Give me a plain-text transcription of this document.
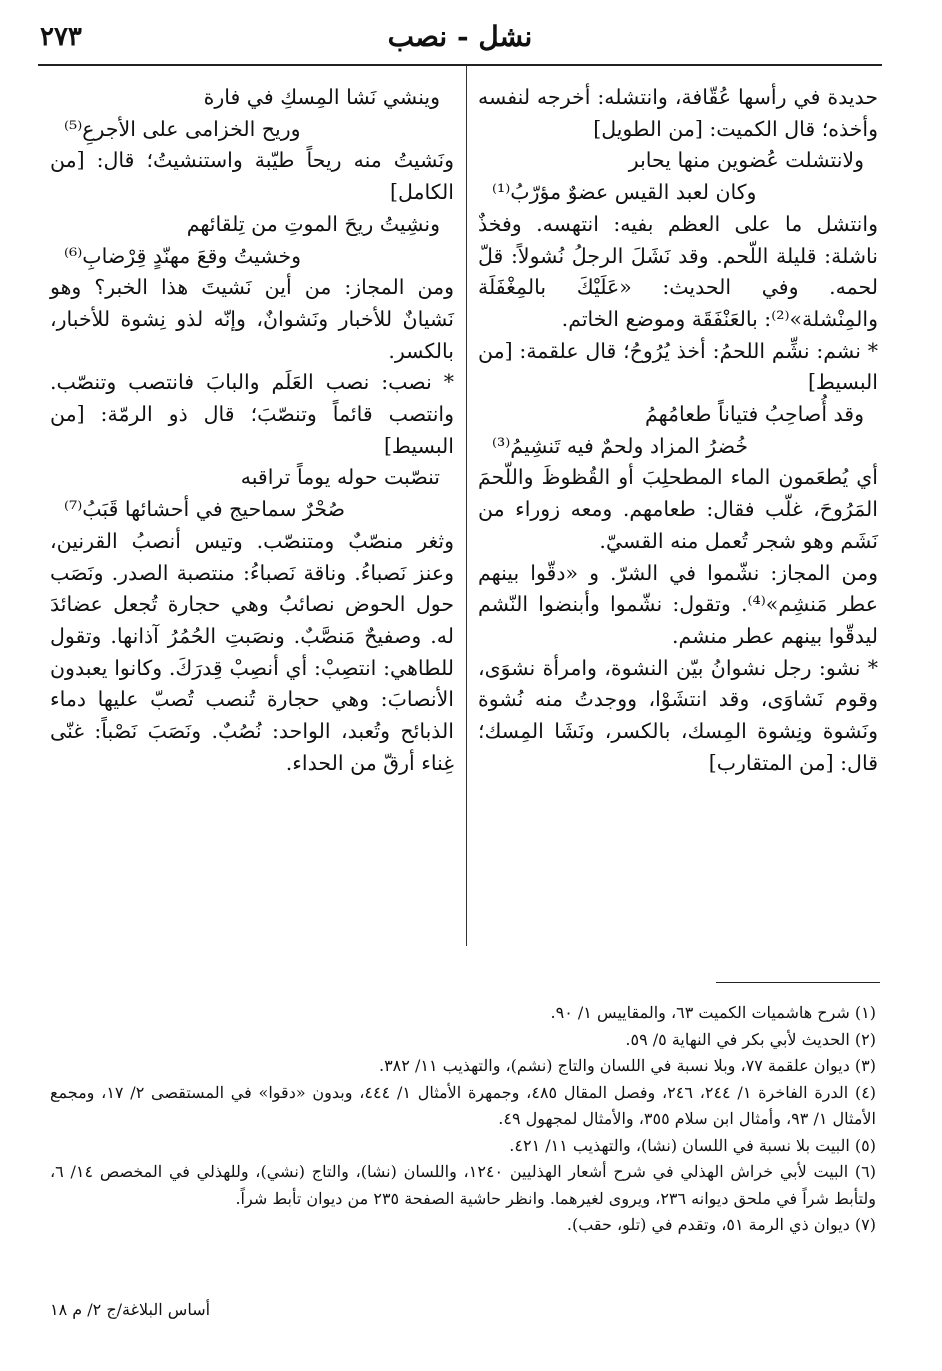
٢٧٣	نشل - نصب

حديدة في رأسها عُقّافة، وانتشله: أخرجه لنفسه وأخذه؛ قال الكميت: [من الطويل]

ولانتشلت عُضوين منها يحابر

وكان لعبد القيس عضوٌ مؤرّبُ⁽¹⁾

وانتشل ما على العظم بفيه: انتهسه. وفخذٌ ناشلة: قليلة اللّحم. وقد نَشَلَ الرجلُ نُشولاً: قلّ لحمه. وفي الحديث: «عَلَيْكَ بالمِغْفَلَة والمِنْشلة»⁽²⁾: بالعَنْفَقَة وموضع الخاتم.

* نشم: نشِّم اللحمُ: أخذ يُرُوحُ؛ قال علقمة: [من البسيط]

وقد أُصاحِبُ فتياناً طعامُهمُ

خُضرُ المزاد ولحمٌ فيه تَنشِيمُ⁽³⁾

أي يُطعَمون الماء المطحلِبَ أو القُظوظَ واللّحمَ المَرُوحَ، غلّب فقال: طعامهم. ومعه زوراء من نَشَم وهو شجر تُعمل منه القسيّ.

ومن المجاز: نشّموا في الشرّ. و «دقّوا بينهم عطر مَنشِم»⁽⁴⁾. وتقول: نشّموا وأبنضوا النّشم ليدقّوا بينهم عطر منشم.

* نشو: رجل نشوانُ بيّن النشوة، وامرأة نشوَى، وقوم نَشاوَى، وقد انتشَوْا، ووجدتُ منه نُشوة ونَشوة ونِشوة المِسك، بالكسر، ونَشَا المِسك؛ قال: [من المتقارب]

وينشي نَشا المِسكِ في فارة

وريح الخزامى على الأجرعِ⁽⁵⁾

ونَشيتُ منه ريحاً طيّبة واستنشيتُ؛ قال: [من الكامل]

ونشِيتُ ريحَ الموتِ من تِلقائهم

وخشيتُ وقعَ مهنّدٍ قِرْضابِ⁽⁶⁾

ومن المجاز: من أين نَشيتَ هذا الخبر؟ وهو نَشيانٌ للأخبار ونَشوانٌ، وإنّه لذو نِشوة للأخبار، بالكسر.

* نصب: نصب العَلَم والبابَ فانتصب وتنصّب. وانتصب قائماً وتنصّبَ؛ قال ذو الرمّة: [من البسيط]

تنصّبت حوله يوماً تراقبه

صُحْرٌ سماحيج في أحشائها قَبَبُ⁽⁷⁾

وثغر منصّبٌ ومتنصّب. وتيس أنصبُ القرنين، وعنز نَصباءُ. وناقة نَصباءُ: منتصبة الصدر. ونَصَب حول الحوض نصائبُ وهي حجارة تُجعل عضائدَ له. وصفيحٌ مَنصَّبٌ. ونصَبتِ الحُمُرُ آذانها. وتقول للطاهي: انتصِبْ: أي أنصِبْ قِدرَكَ. وكانوا يعبدون الأنصابَ: وهي حجارة تُنصب تُصبّ عليها دماء الذبائح وتُعبد، الواحد: نُصُبٌ. ونَصَبَ نَصْباً: غنّى غِناء أرقّ من الحداء.

(١) شرح هاشميات الكميت ٦٣، والمقاييس ١/ ٩٠.

(٢) الحديث لأبي بكر في النهاية ٥/ ٥٩.

(٣) ديوان علقمة ٧٧، وبلا نسبة في اللسان والتاج (نشم)، والتهذيب ١١/ ٣٨٢.

(٤) الدرة الفاخرة ١/ ٢٤٤، ٢٤٦، وفصل المقال ٤٨٥، وجمهرة الأمثال ١/ ٤٤٤، وبدون «دقوا» في المستقصى ٢/ ١٧، ومجمع الأمثال ١/ ٩٣، وأمثال ابن سلام ٣٥٥، والأمثال لمجهول ٤٩.

(٥) البيت بلا نسبة في اللسان (نشا)، والتهذيب ١١/ ٤٢١.

(٦) البيت لأبي خراش الهذلي في شرح أشعار الهذليين ١٢٤٠، واللسان (نشا)، والتاج (نشي)، وللهذلي في المخصص ١٤/ ٦، ولتأبط شراً في ملحق ديوانه ٢٣٦، ويروى لغيرهما. وانظر حاشية الصفحة ٢٣٥ من ديوان تأبط شراً.

(٧) ديوان ذي الرمة ٥١، وتقدم في (تلو، حقب).

أساس البلاغة/ج ٢/ م ١٨
